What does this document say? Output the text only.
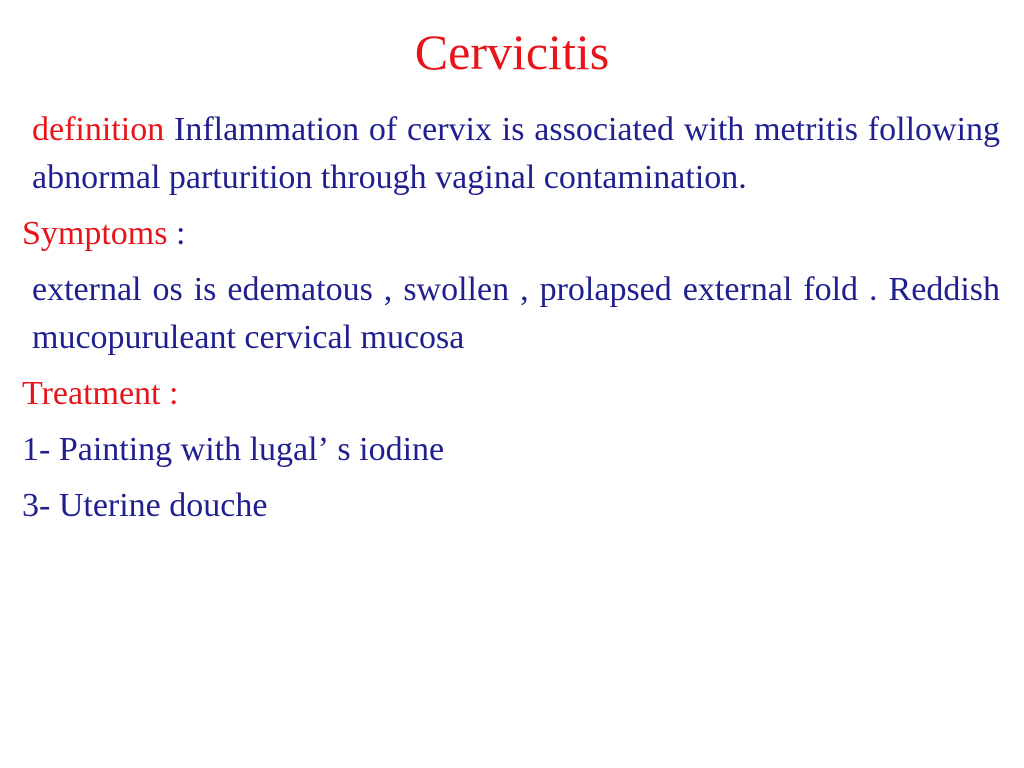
Cervicitis

definition Inflammation of cervix is associated with metritis following abnormal parturition through vaginal contamination.

Symptoms :

external os is edematous , swollen , prolapsed external fold . Reddish mucopuruleant cervical mucosa

Treatment :

1- Painting with lugalʼ s iodine

3- Uterine douche
